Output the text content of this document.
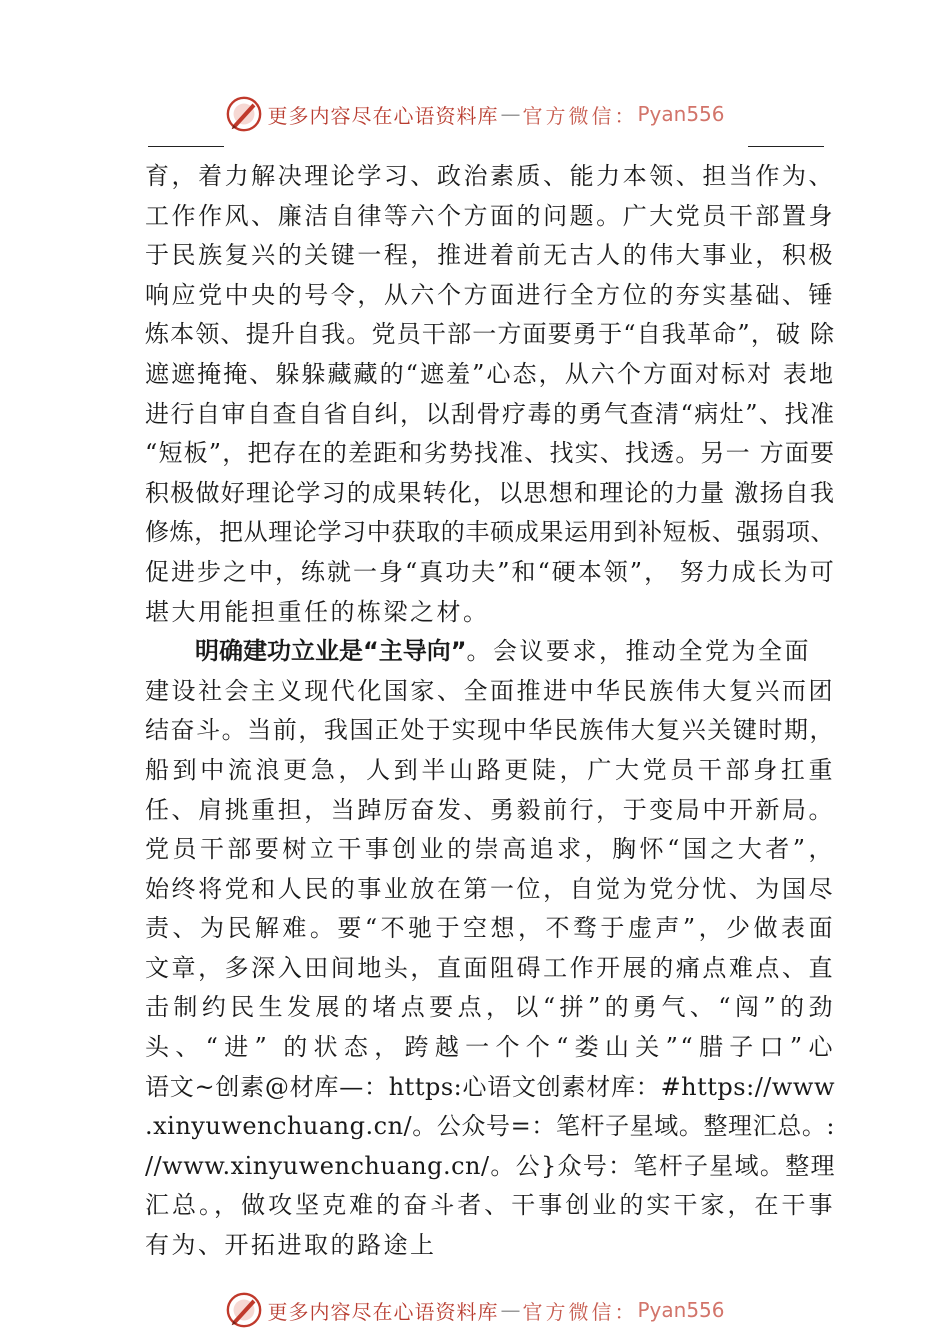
更多内容尽在心语资料库 — 官方微信： Pyan556
育，着力解决理论学习、政治素质、能力本领、担当作为、
工作作风、廉洁自律等六个方面的问题。广大党员干部置身
于民族复兴的关键一程，推进着前无古人的伟大事业，积极
响应党中央的号令，从六个方面进行全方位的夯实基础、锤
炼本领、提升自我。党员干部一方面要勇于“自我革命”，破 除
遮遮掩掩、躲躲藏藏的“遮羞”心态，从六个方面对标对 表地
进行自审自查自省自纠，以刮骨疗毒的勇气查清“病灶”、找准
“短板”，把存在的差距和劣势找准、找实、找透。另一 方面要
积极做好理论学习的成果转化，以思想和理论的力量 激扬自我
修炼，把从理论学习中获取的丰硕成果运用到补短板、强弱项、
促进步之中，练就一身“真功夫”和“硬本领”， 努力成长为可
堪大用能担重任的栋梁之材。
明确建功立业是“主导向”。会议要求，推动全党为全面
建设社会主义现代化国家、全面推进中华民族伟大复兴而团
结奋斗。当前，我国正处于实现中华民族伟大复兴关键时期，
船到中流浪更急，人到半山路更陡，广大党员干部身扛重
任、肩挑重担，当踔厉奋发、勇毅前行，于变局中开新局。
党员干部要树立干事创业的崇高追求，胸怀“国之大者”，
始终将党和人民的事业放在第一位，自觉为党分忧、为国尽
责、为民解难。要“不驰于空想，不骛于虚声”，少做表面
文章，多深入田间地头，直面阻碍工作开展的痛点难点、直
击制约民生发展的堵点要点，以“拼”的勇气、“闯”的劲
头、“进” 的状态，跨越一个个“娄山关”“腊子口”心
语文~创素@材库—：https:心语文创素材库：#https://www
.xinyuwenchuang.cn/。公众号=：笔杆子星域。整理汇总。:
//www.xinyuwenchuang.cn/。公}众号：笔杆子星域。整理
汇总。，做攻坚克难的奋斗者、干事创业的实干家，在干事
有为、开拓进取的路途上
更多内容尽在心语资料库 — 官方微信： Pyan556
